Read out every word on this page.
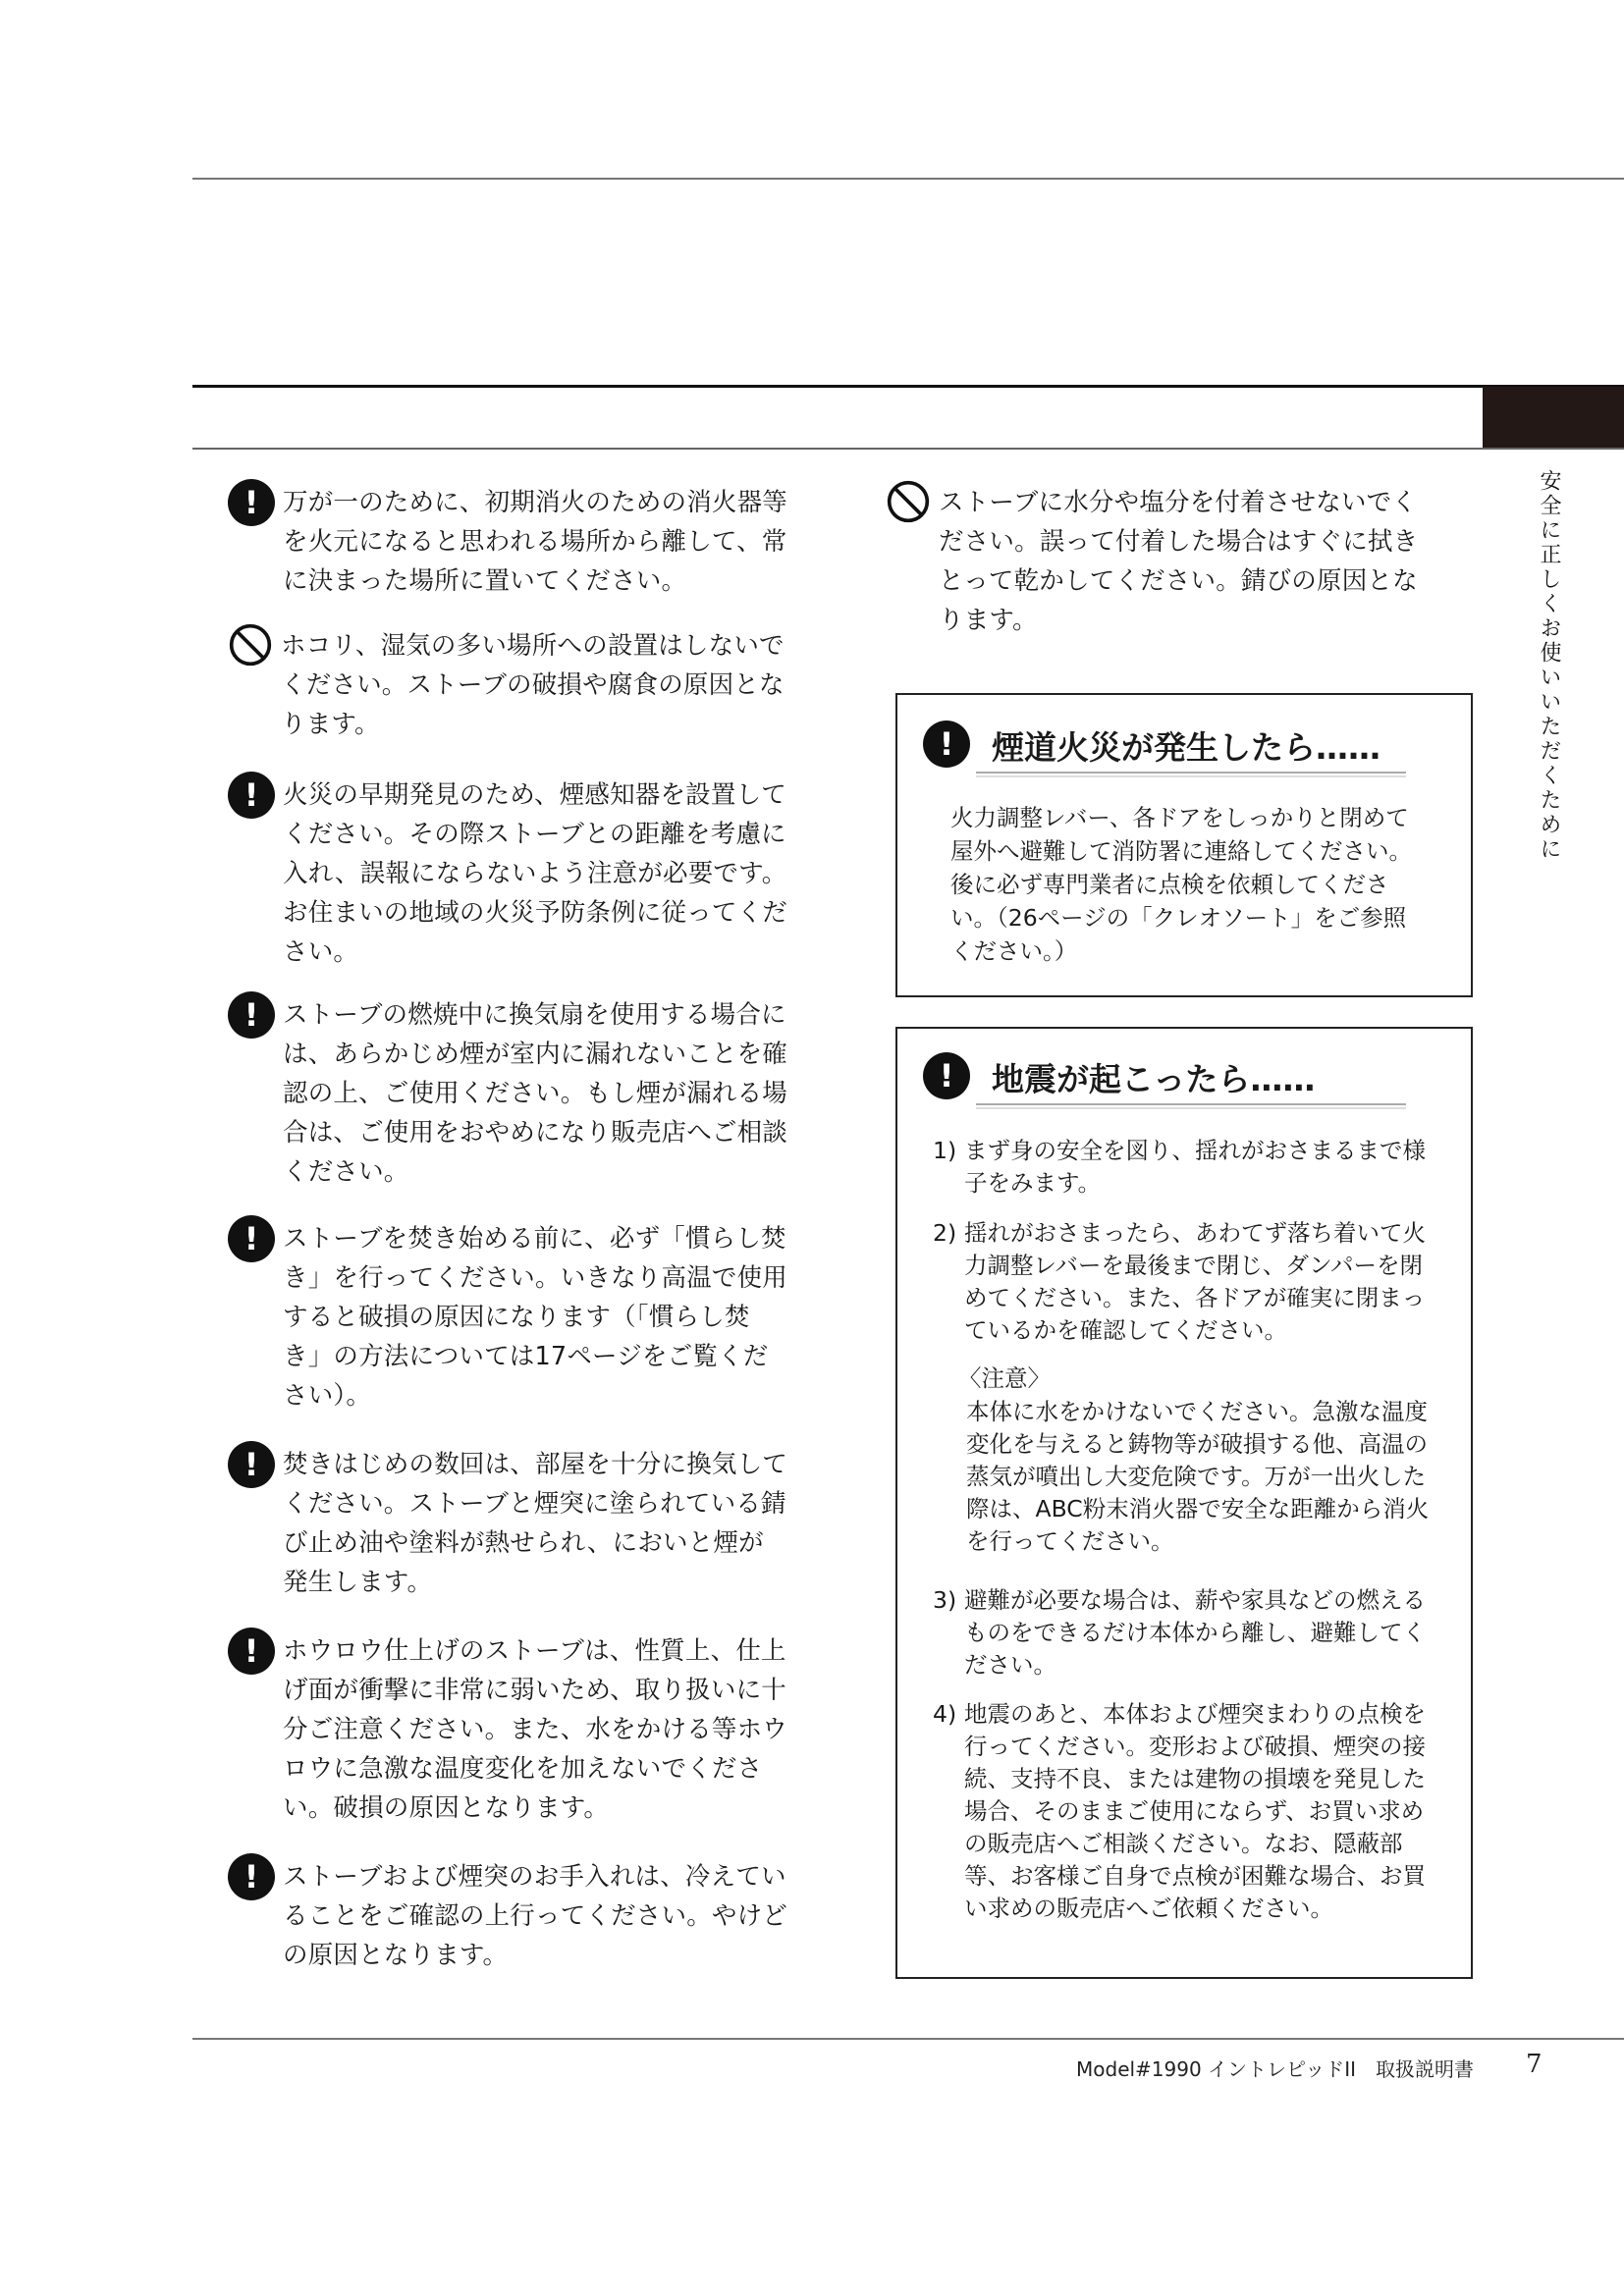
安全に正しくお使いいただくために
! 万が一のために、初期消火のための消火器等を火元になると思われる場所から離して、常に決まった場所に置いてください。
ホコリ、湿気の多い場所への設置はしないでください。ストーブの破損や腐食の原因となります。
! 火災の早期発見のため、煙感知器を設置してください。その際ストーブとの距離を考慮に入れ、誤報にならないよう注意が必要です。お住まいの地域の火災予防条例に従ってください。
! ストーブの燃焼中に換気扇を使用する場合には、あらかじめ煙が室内に漏れないことを確認の上、ご使用ください。もし煙が漏れる場合は、ご使用をおやめになり販売店へご相談ください。
! ストーブを焚き始める前に、必ず「慣らし焚き」を行ってください。いきなり高温で使用すると破損の原因になります（「慣らし焚き」の方法については17ページをご覧ください）。
! 焚きはじめの数回は、部屋を十分に換気してください。ストーブと煙突に塗られている錆び止め油や塗料が熱せられ、においと煙が発生します。
! ホウロウ仕上げのストーブは、性質上、仕上げ面が衝撃に非常に弱いため、取り扱いに十分ご注意ください。また、水をかける等ホウロウに急激な温度変化を加えないでください。破損の原因となります。
! ストーブおよび煙突のお手入れは、冷えていることをご確認の上行ってください。やけどの原因となります。
ストーブに水分や塩分を付着させないでください。誤って付着した場合はすぐに拭きとって乾かしてください。錆びの原因となります。
!	煙道火災が発生したら……
火力調整レバー、各ドアをしっかりと閉めて屋外へ避難して消防署に連絡してください。後に必ず専門業者に点検を依頼してください。（26ページの「クレオソート」をご参照ください。）
!	地震が起こったら……
1) まず身の安全を図り、揺れがおさまるまで様子をみます。
2) 揺れがおさまったら、あわてず落ち着いて火力調整レバーを最後まで閉じ、ダンパーを閉めてください。また、各ドアが確実に閉まっているかを確認してください。
〈注意〉
本体に水をかけないでください。急激な温度変化を与えると鋳物等が破損する他、高温の蒸気が噴出し大変危険です。万が一出火した際は、ABC粉末消火器で安全な距離から消火を行ってください。
3) 避難が必要な場合は、薪や家具などの燃えるものをできるだけ本体から離し、避難してください。
4) 地震のあと、本体および煙突まわりの点検を行ってください。変形および破損、煙突の接続、支持不良、または建物の損壊を発見した場合、そのままご使用にならず、お買い求めの販売店へご相談ください。なお、隠蔽部等、お客様ご自身で点検が困難な場合、お買い求めの販売店へご依頼ください。
Model#1990 イントレピッドII　取扱説明書 7
